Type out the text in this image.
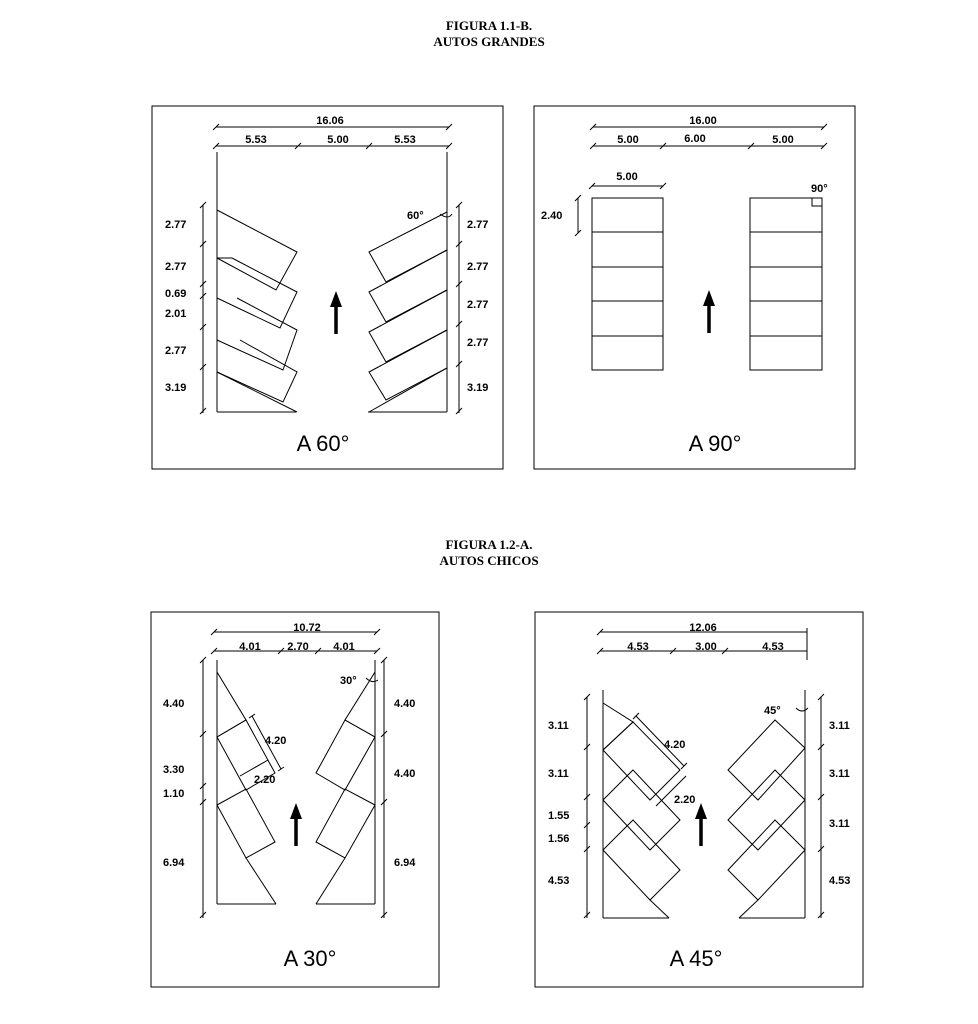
FIGURA 1.1-B.
AUTOS GRANDES
FIGURA 1.2-A.
AUTOS CHICOS
16.06
5.53	5.00	5.53
2.77
2.77
0.69
2.01
2.77
3.19
2.77
2.77
2.77
2.77
3.19
60°
A 60°
16.00
5.00	6.00	5.00
5.00
2.40
90°
A 90°
10.72
4.01 2.70 4.01
4.20
2.20
4.40
3.30
1.10
6.94
4.40
4.40
6.94
30°
A 30°
12.06
4.53	3.00	4.53
4.20
2.20
3.11
3.11
1.55
1.56
4.53
3.11
3.11
3.11
4.53
45°
A 45°
